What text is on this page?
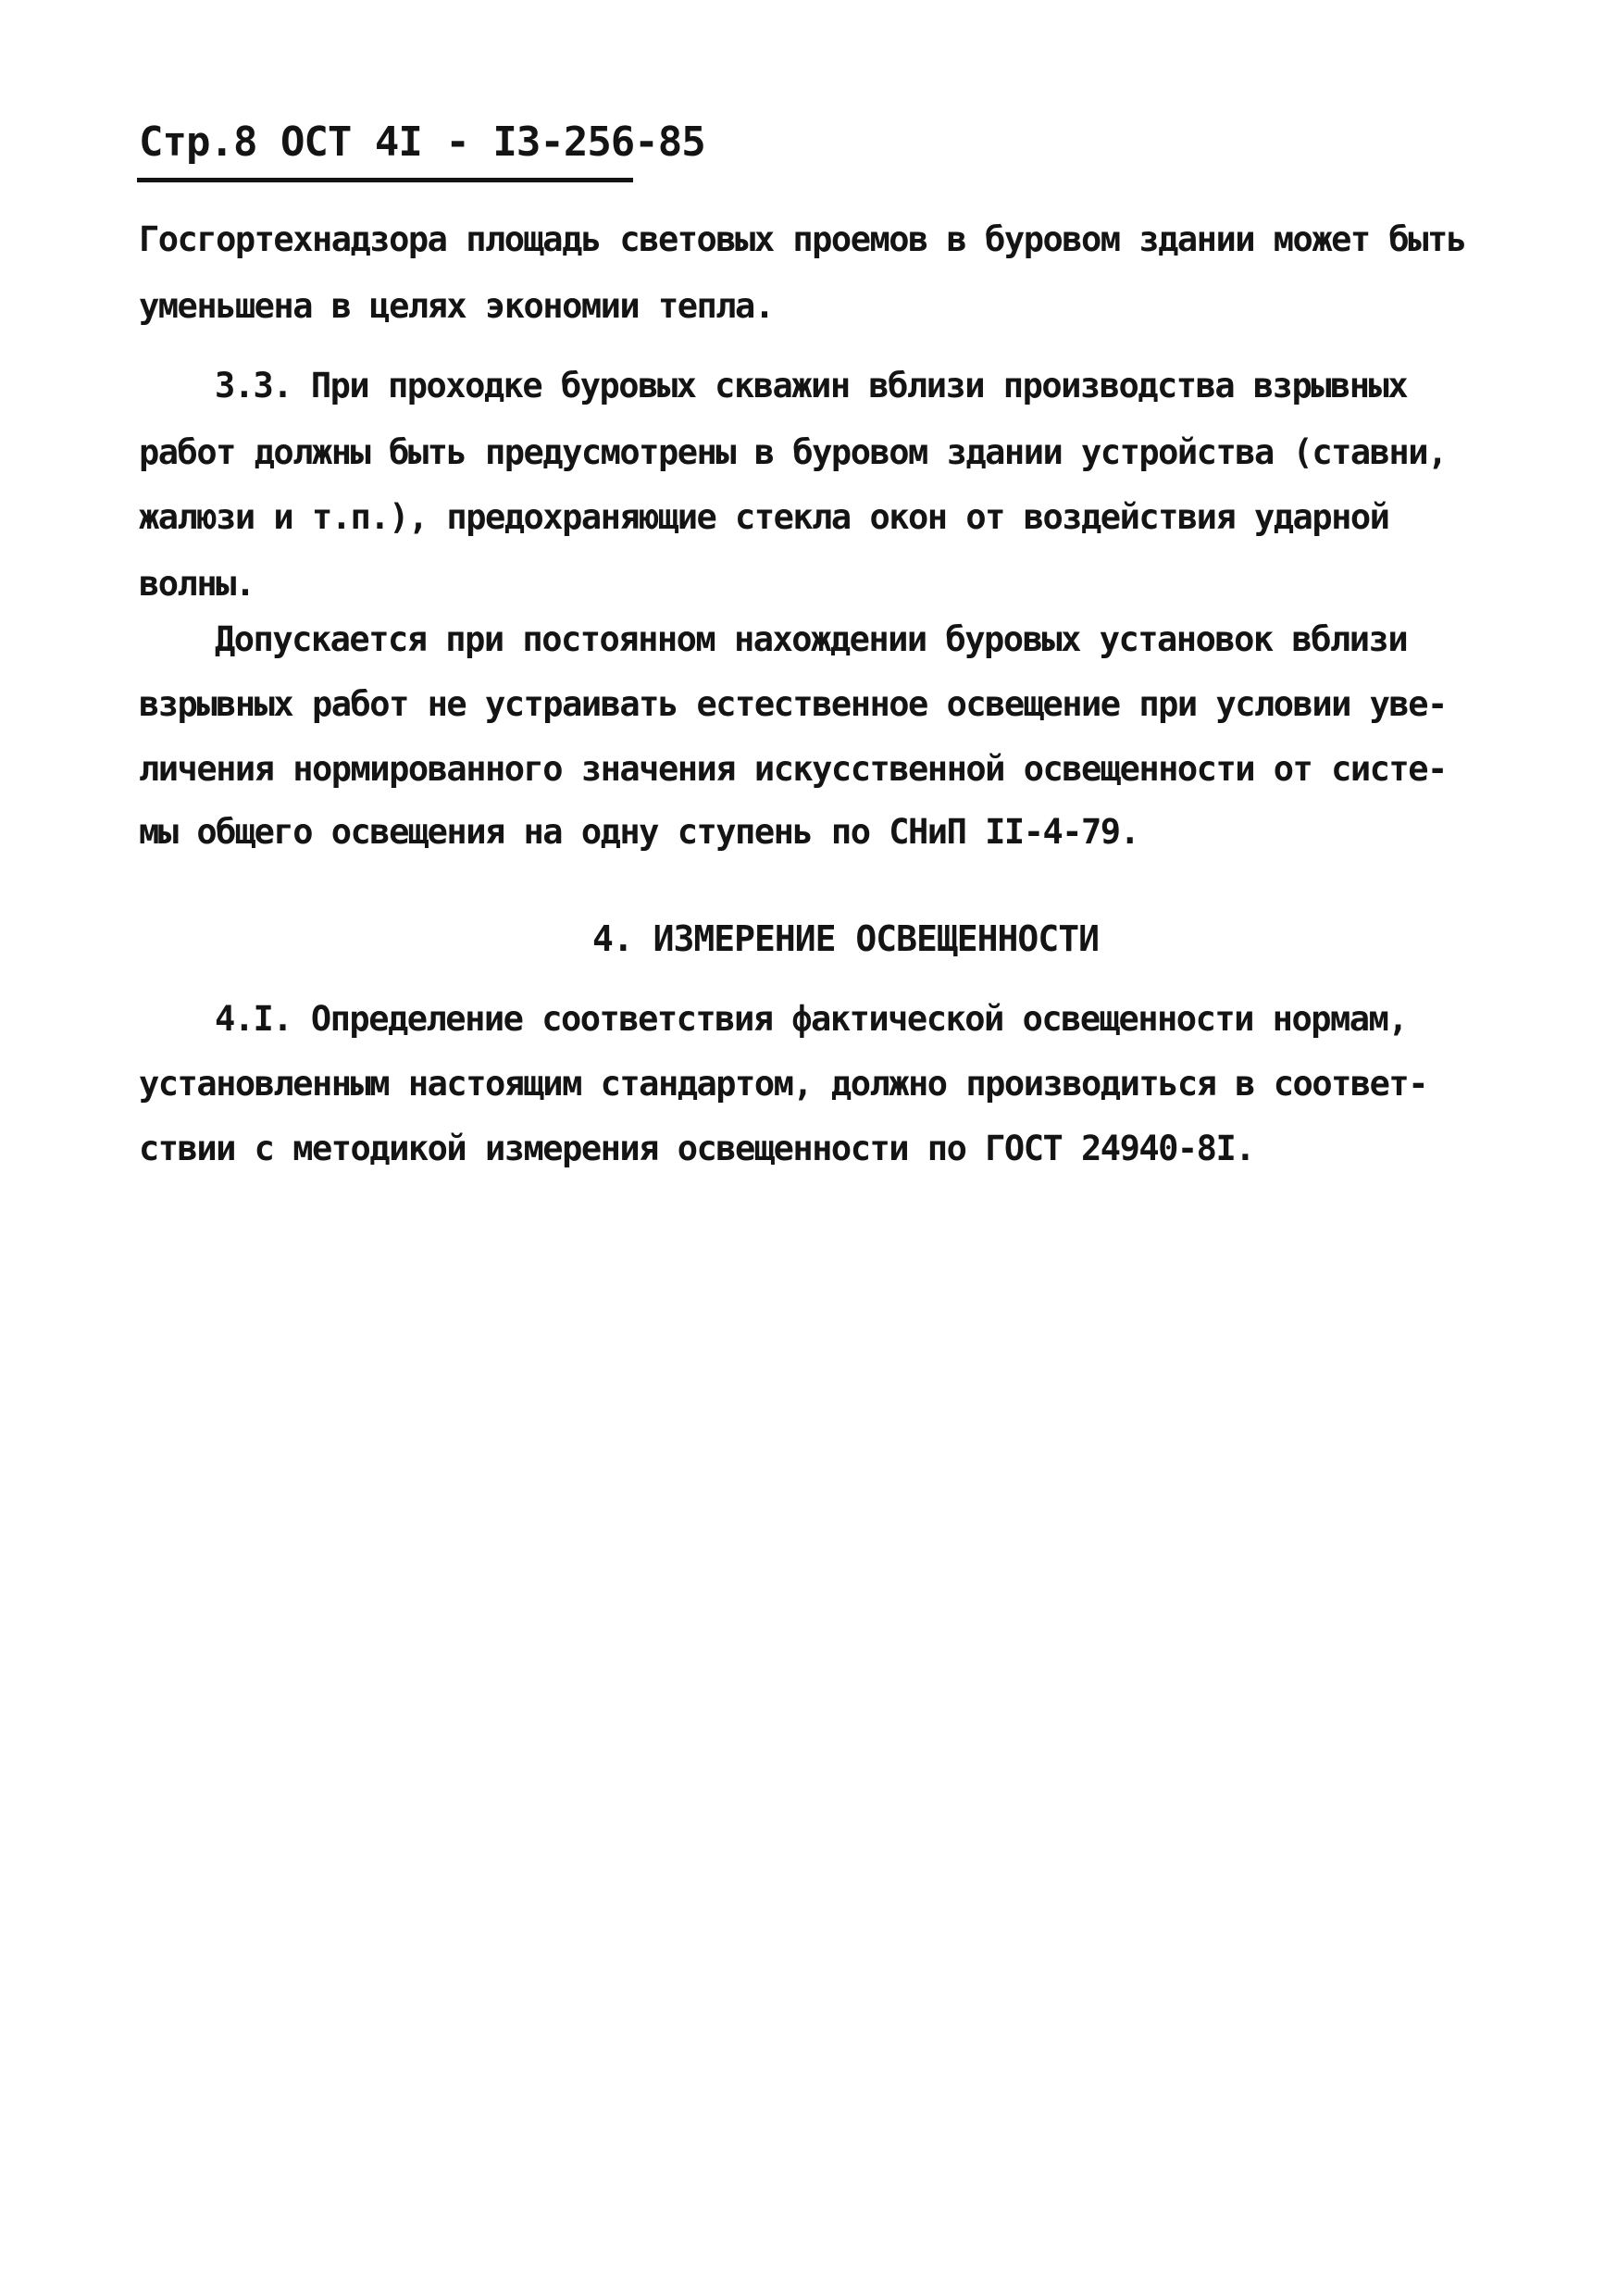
Стр.8 ОСТ 4I - I3-256-85
Госгортехнадзора площадь световых проемов в буровом здании может быть
уменьшена в целях экономии тепла.
3.3. При проходке буровых скважин вблизи производства взрывных
работ должны быть предусмотрены в буровом здании устройства (ставни,
жалюзи и т.п.), предохраняющие стекла окон от воздействия ударной
волны.
Допускается при постоянном нахождении буровых установок вблизи
взрывных работ не устраивать естественное освещение при условии уве-
личения нормированного значения искусственной освещенности от систе-
мы общего освещения на одну ступень по СНиП II-4-79.
4. ИЗМЕРЕНИЕ ОСВЕЩЕННОСТИ
4.I. Определение соответствия фактической освещенности нормам,
установленным настоящим стандартом, должно производиться в соответ-
ствии с методикой измерения освещенности по ГОСТ 24940-8I.
